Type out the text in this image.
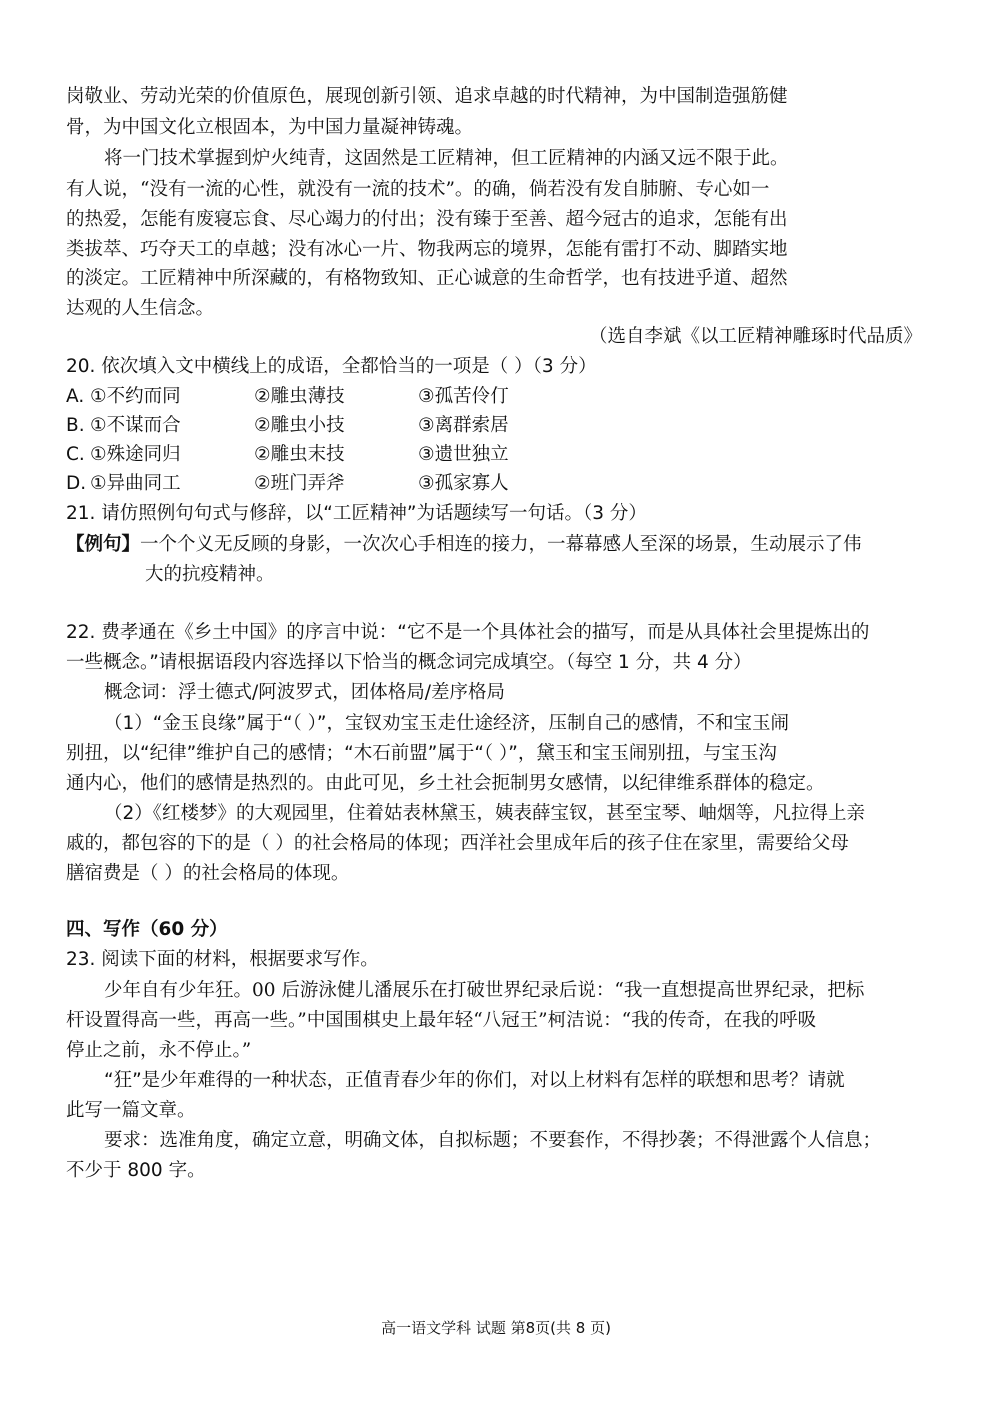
岗敬业、劳动光荣的价值原色，展现创新引领、追求卓越的时代精神，为中国制造强筋健
骨，为中国文化立根固本，为中国力量凝神铸魂。
将一门技术掌握到炉火纯青，这固然是工匠精神，但工匠精神的内涵又远不限于此。
有人说，“没有一流的心性，就没有一流的技术”。的确，倘若没有发自肺腑、专心如一
的热爱，怎能有废寝忘食、尽心竭力的付出；没有臻于至善、超今冠古的追求，怎能有出
类拔萃、巧夺天工的卓越；没有冰心一片、物我两忘的境界，怎能有雷打不动、脚踏实地
的淡定。工匠精神中所深藏的，有格物致知、正心诚意的生命哲学，也有技进乎道、超然
达观的人生信念。
（选自李斌《以工匠精神雕琢时代品质》
20. 依次填入文中横线上的成语，全都恰当的一项是（ ）（3 分）
A. ①不约而同	②雕虫薄技	③孤苦伶仃
B. ①不谋而合	②雕虫小技	③离群索居
C. ①殊途同归	②雕虫末技	③遗世独立
D. ①异曲同工	②班门弄斧	③孤家寡人
21. 请仿照例句句式与修辞，以“工匠精神”为话题续写一句话。（3 分）
【例句】一个个义无反顾的身影，一次次心手相连的接力，一幕幕感人至深的场景，生动展示了伟
大的抗疫精神。
22. 费孝通在《乡土中国》的序言中说：“它不是一个具体社会的描写，而是从具体社会里提炼出的
一些概念。”请根据语段内容选择以下恰当的概念词完成填空。（每空 1 分，共 4 分）
概念词：浮士德式/阿波罗式，团体格局/差序格局
（1）“金玉良缘”属于“（ ）”，宝钗劝宝玉走仕途经济，压制自己的感情，不和宝玉闹
别扭，以“纪律”维护自己的感情；“木石前盟”属于“（ ）”，黛玉和宝玉闹别扭，与宝玉沟
通内心，他们的感情是热烈的。由此可见，乡土社会扼制男女感情，以纪律维系群体的稳定。
（2）《红楼梦》的大观园里，住着姑表林黛玉，姨表薛宝钗，甚至宝琴、岫烟等，凡拉得上亲
戚的，都包容的下的是（ ）的社会格局的体现；西洋社会里成年后的孩子住在家里，需要给父母
膳宿费是（ ）的社会格局的体现。
四、写作（60 分）
23. 阅读下面的材料，根据要求写作。
少年自有少年狂。00 后游泳健儿潘展乐在打破世界纪录后说：“我一直想提高世界纪录，把标
杆设置得高一些，再高一些。”中国围棋史上最年轻“八冠王”柯洁说：“我的传奇，在我的呼吸
停止之前，永不停止。”
“狂”是少年难得的一种状态，正值青春少年的你们，对以上材料有怎样的联想和思考？请就
此写一篇文章。
要求：选准角度，确定立意，明确文体，自拟标题；不要套作，不得抄袭；不得泄露个人信息；
不少于 800 字。
高一语文学科 试题 第8页(共 8 页)
